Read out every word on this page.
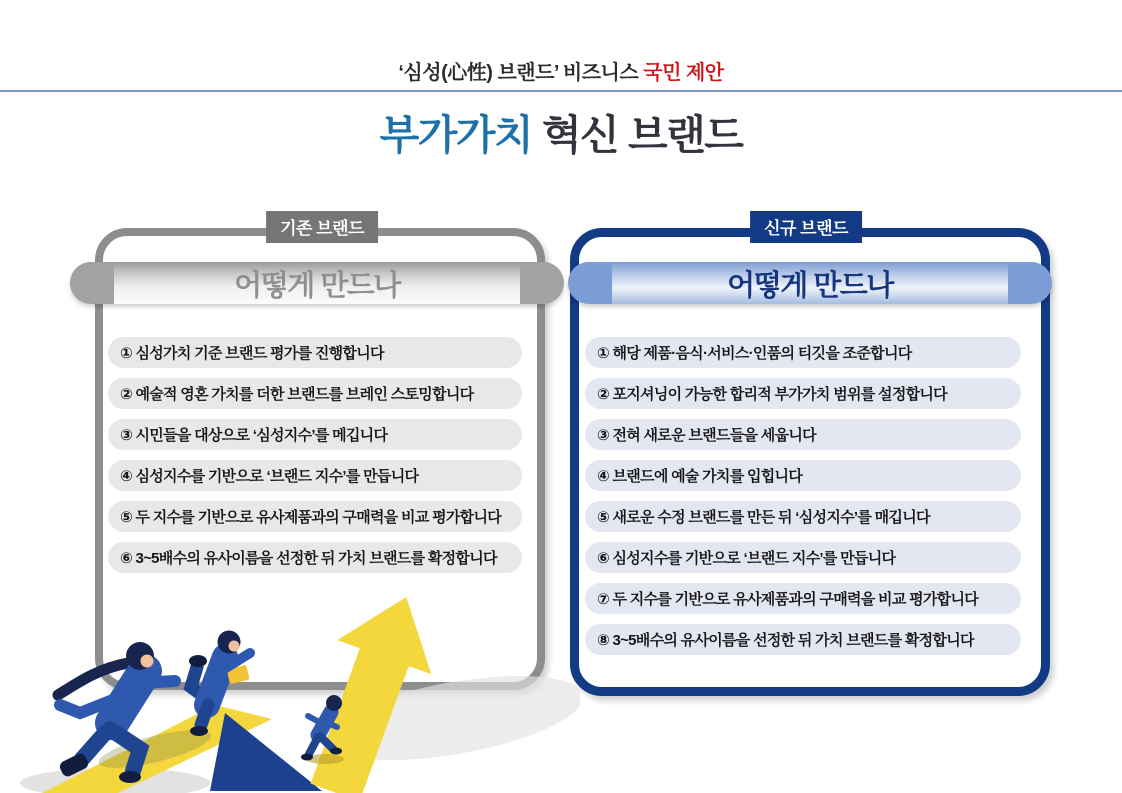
‘심성(心性) 브랜드’ 비즈니스 국민 제안
부가가치 혁신 브랜드
기존 브랜드
어떻게 만드나
① 심성가치 기준 브랜드 평가를 진행합니다
② 예술적 영혼 가치를 더한 브랜드를 브레인 스토밍합니다
③ 시민들을 대상으로 ‘심성지수’를 메깁니다
④ 심성지수를 기반으로 ‘브랜드 지수’를 만듭니다
⑤ 두 지수를 기반으로 유사제품과의 구매력을 비교 평가합니다
⑥ 3~5배수의 유사이름을 선정한 뒤 가치 브랜드를 확정합니다
신규 브랜드
어떻게 만드나
① 해당 제품·음식·서비스·인품의 티깃을 조준합니다
② 포지셔닝이 가능한 합리적 부가가치 범위를 설정합니다
③ 전혀 새로운 브랜드들을 세웁니다
④ 브랜드에 예술 가치를 입힙니다
⑤ 새로운 수정 브랜드를 만든 뒤 ‘심성지수’를 매깁니다
⑥ 심성지수를 기반으로 ‘브랜드 지수’를 만듭니다
⑦ 두 지수를 기반으로 유사제품과의 구매력을 비교 평가합니다
⑧ 3~5배수의 유사이름을 선정한 뒤 가치 브랜드를 확정합니다
